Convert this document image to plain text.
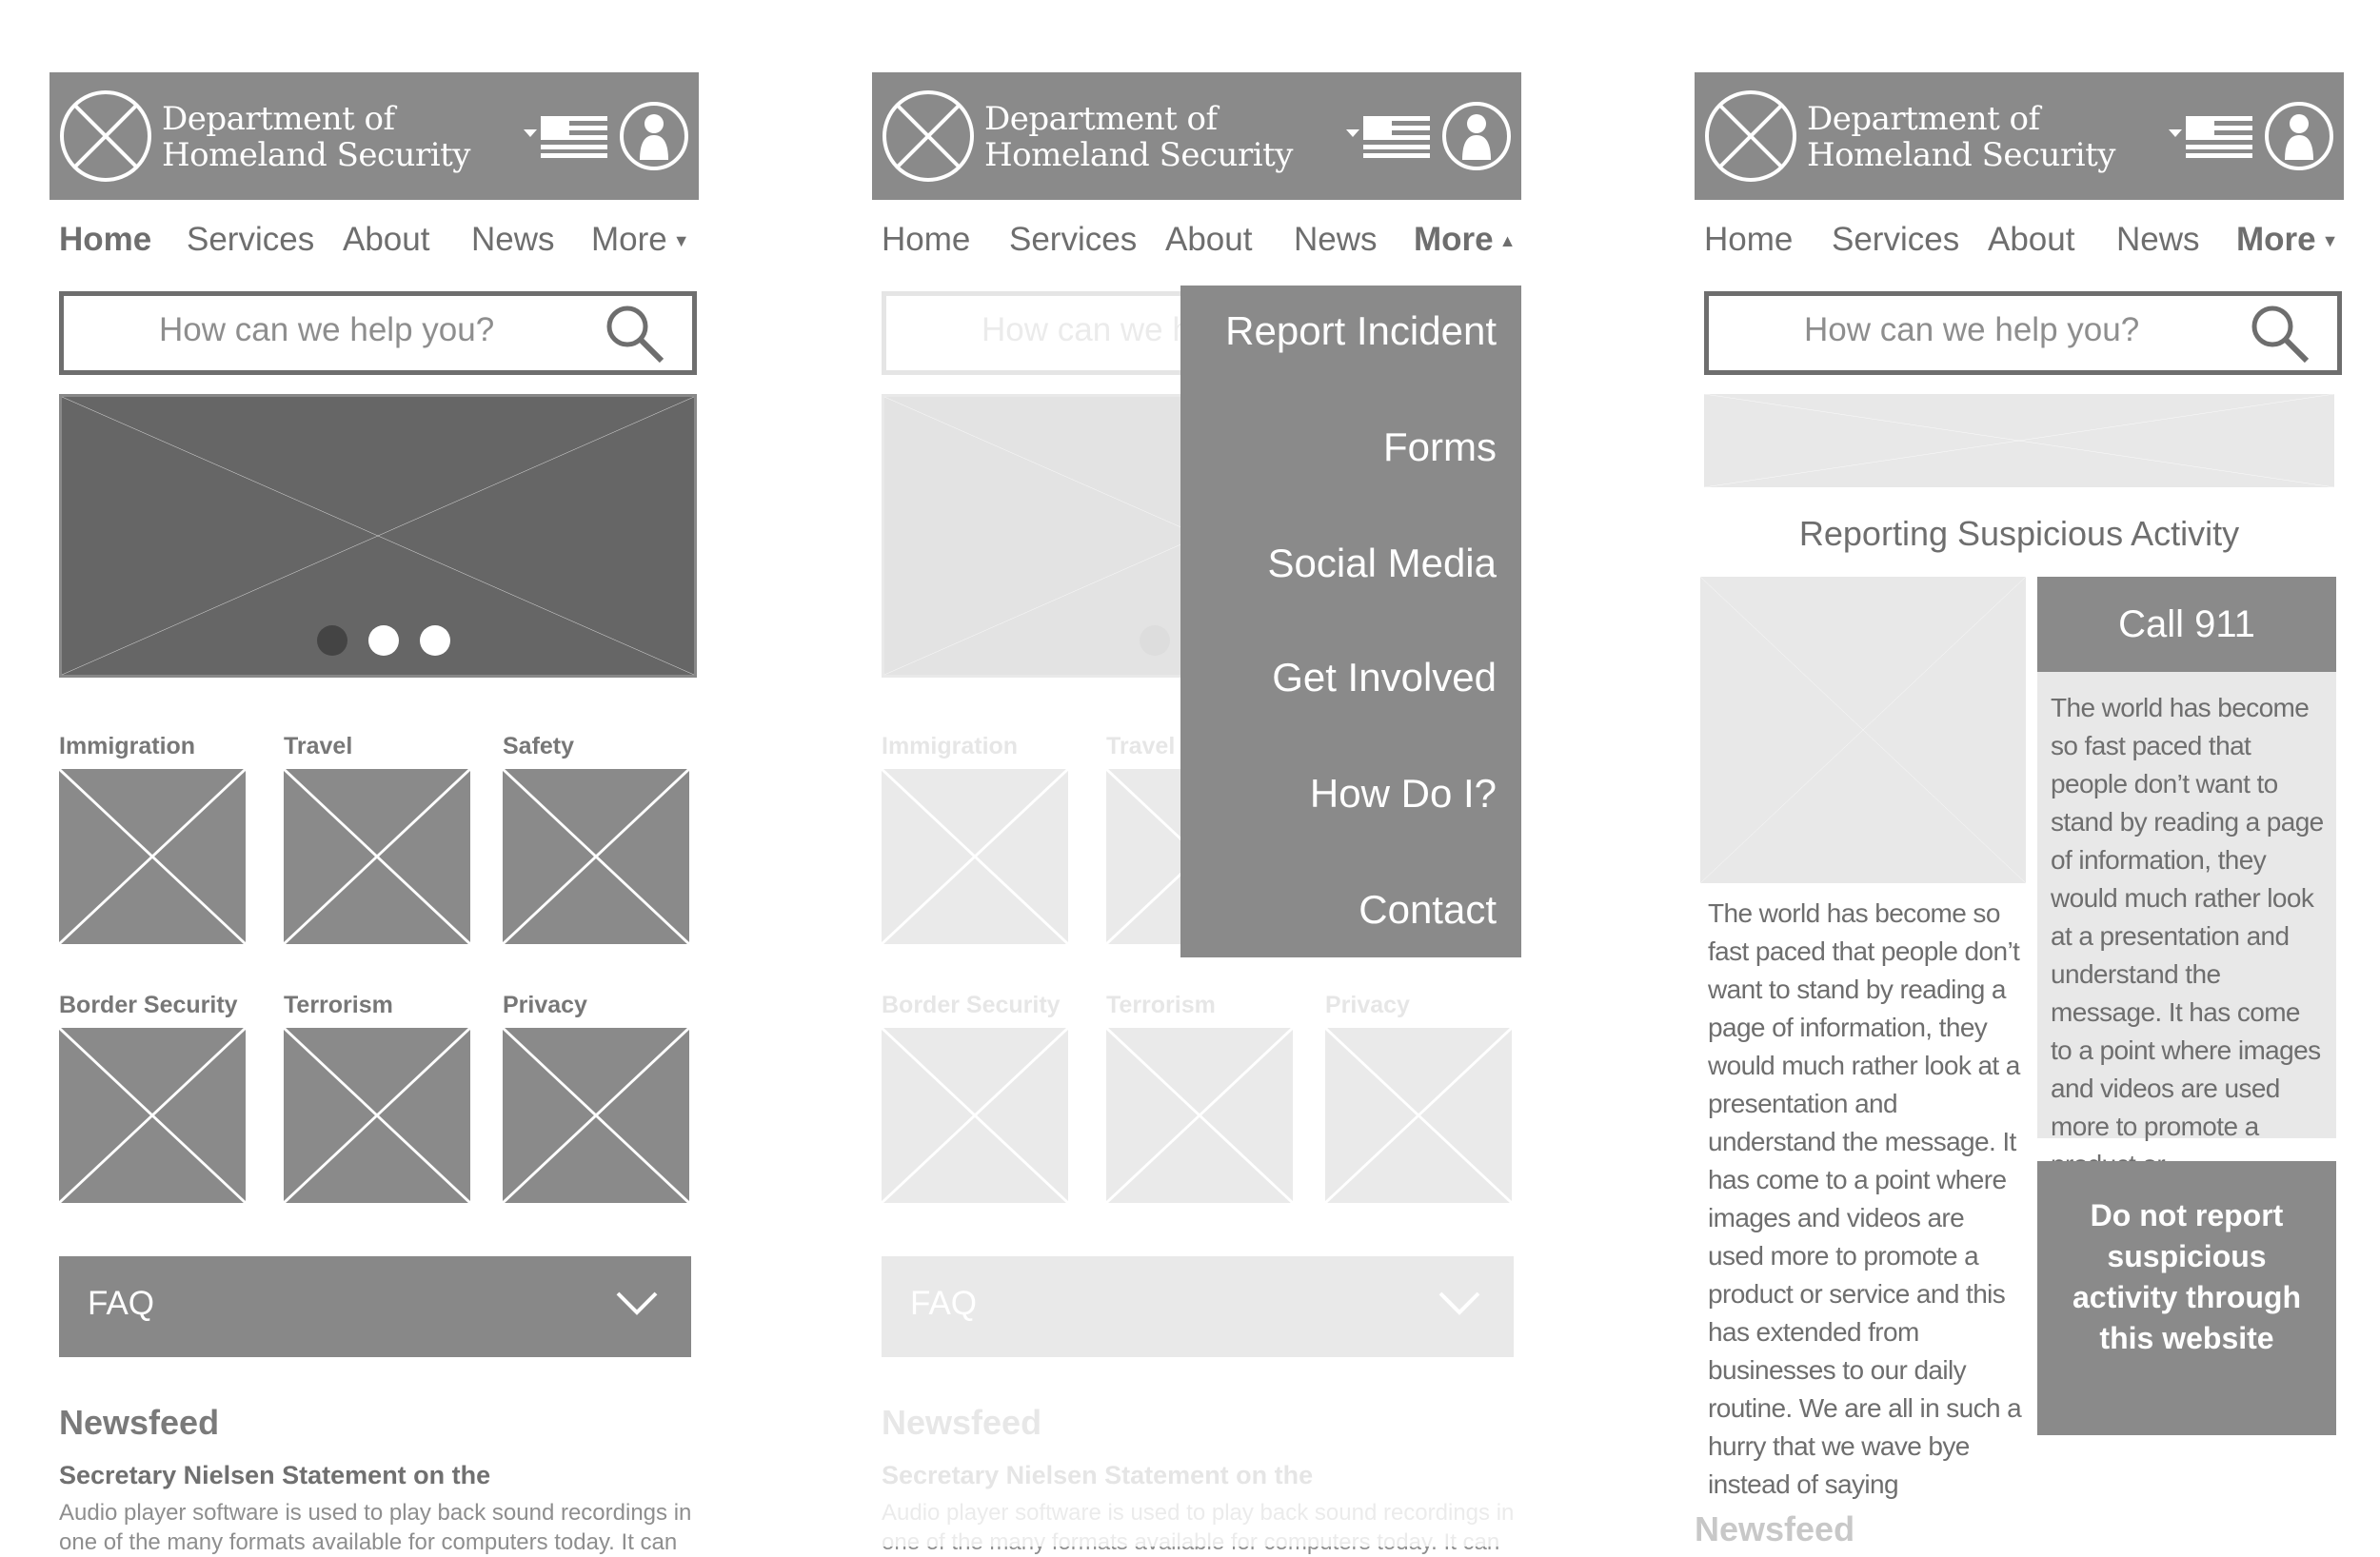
Department of
Homeland Security
Home Services About News More ▼
How can we help you?
Immigration	Travel	Safety
Border Security Terrorism	Privacy
FAQ
Newsfeed
Secretary Nielsen Statement on the
Audio player software is used to play back sound recordings in one of the many formats available for computers today. It can
Department of
Homeland Security
Home Services About News More ▲
Report Incident
Forms
Social Media
Get Involved
How Do I?
Contact
Department of
Homeland Security
Home Services About News More ▼
How can we help you?
Reporting Suspicious Activity
Call 911

The world has become so fast paced that people don’t want to stand by reading a page of information, they would much rather look at a presentation and understand the message. It has come to a point where images and videos are used more to promote a

Do not report suspicious activity through this website
The world has become so fast paced that people don’t want to stand by reading a page of information, they would much rather look at a presentation and understand the message. It has come to a point where images and videos are used more to promote a product or service and this has extended from businesses to our daily routine. We are all in such a hurry that we wave bye instead of saying
Newsfeed
